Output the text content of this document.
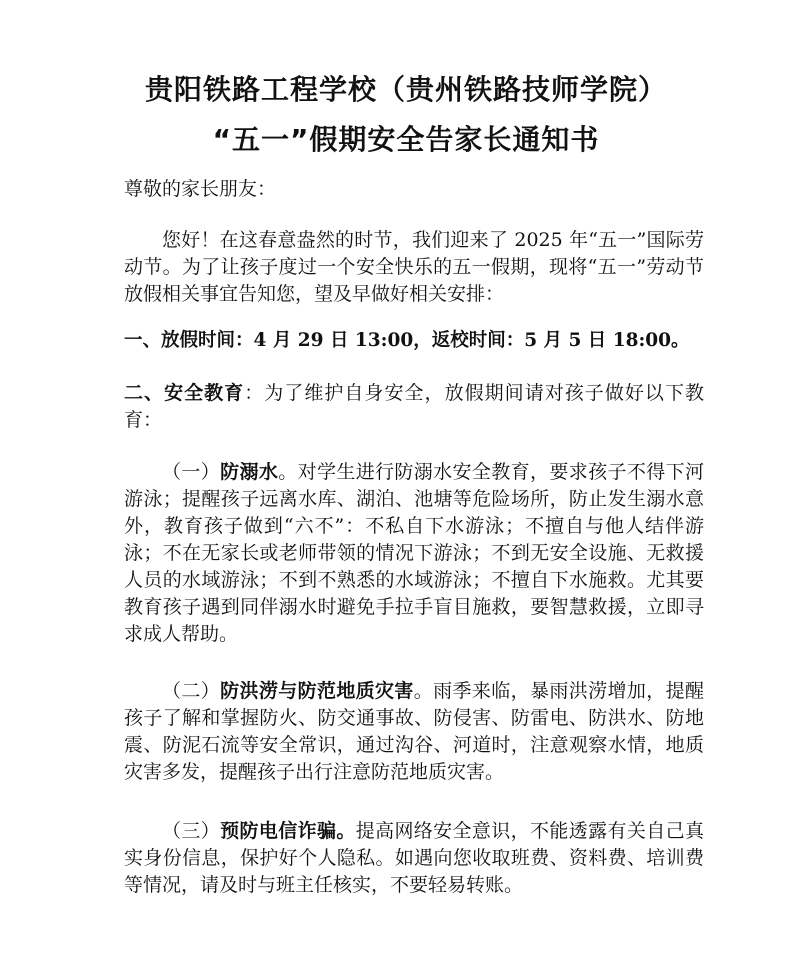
贵阳铁路工程学校（贵州铁路技师学院）
“五一”假期安全告家长通知书
尊敬的家长朋友：
您好！在这春意盎然的时节，我们迎来了 2025 年“五一”国际劳动节。为了让孩子度过一个安全快乐的五一假期，现将“五一”劳动节放假相关事宜告知您，望及早做好相关安排：
一、放假时间：4 月 29 日 13:00，返校时间：5 月 5 日 18:00。
二、安全教育：为了维护自身安全，放假期间请对孩子做好以下教育：
（一）防溺水。对学生进行防溺水安全教育，要求孩子不得下河游泳；提醒孩子远离水库、湖泊、池塘等危险场所，防止发生溺水意外，教育孩子做到“六不”：不私自下水游泳；不擅自与他人结伴游泳；不在无家长或老师带领的情况下游泳；不到无安全设施、无救援人员的水域游泳；不到不熟悉的水域游泳；不擅自下水施救。尤其要教育孩子遇到同伴溺水时避免手拉手盲目施救，要智慧救援，立即寻求成人帮助。
（二）防洪涝与防范地质灾害。雨季来临，暴雨洪涝增加，提醒孩子了解和掌握防火、防交通事故、防侵害、防雷电、防洪水、防地震、防泥石流等安全常识，通过沟谷、河道时，注意观察水情，地质灾害多发，提醒孩子出行注意防范地质灾害。
（三）预防电信诈骗。提高网络安全意识，不能透露有关自己真实身份信息，保护好个人隐私。如遇向您收取班费、资料费、培训费等情况，请及时与班主任核实，不要轻易转账。
